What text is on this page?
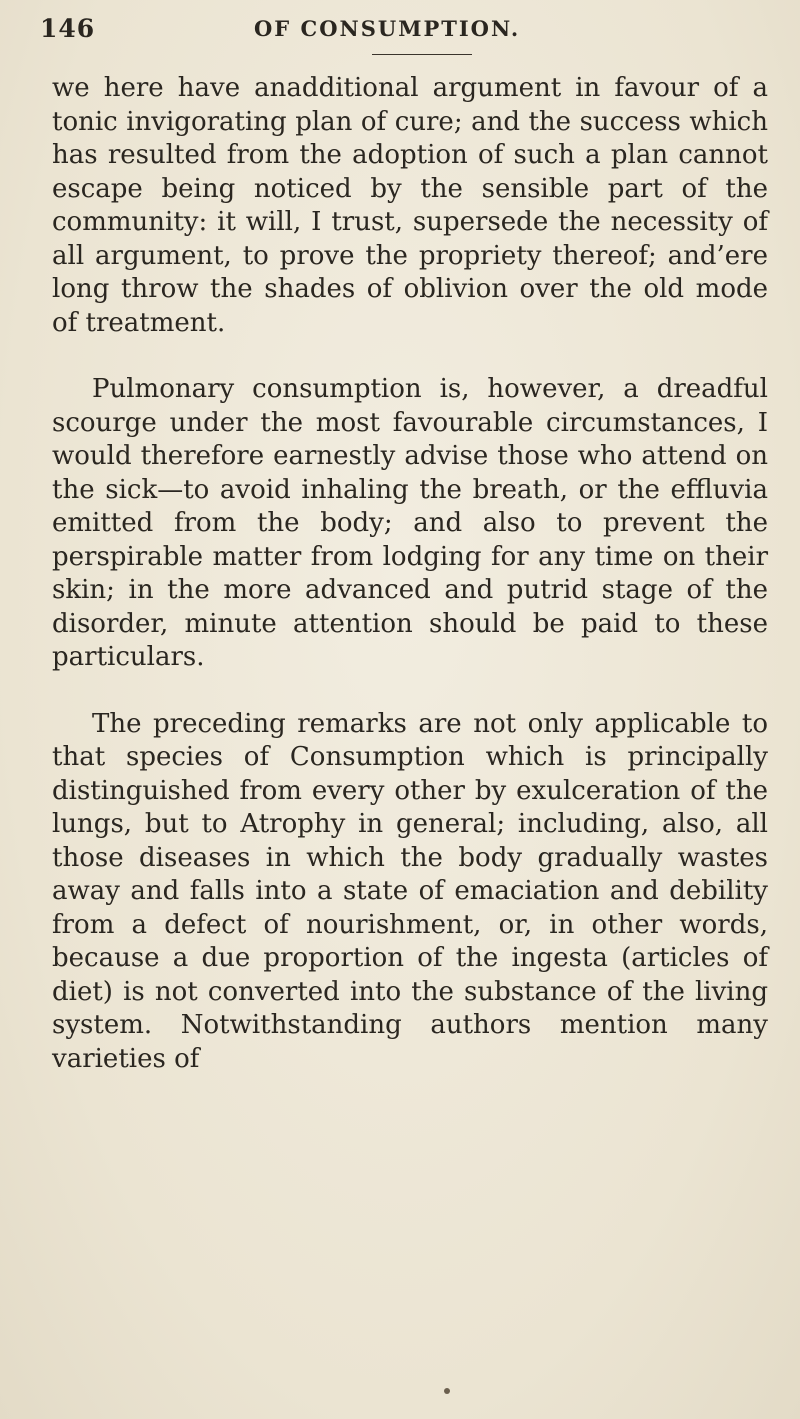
146	OF CONSUMPTION.

we here have anadditional argument in favour of a tonic invigorating plan of cure; and the success which has resulted from the adoption of such a plan cannot escape being noticed by the sensible part of the community: it will, I trust, supersede the necessity of all argument, to prove the propriety thereof; and’ere long throw the shades of oblivion over the old mode of treatment.

Pulmonary consumption is, however, a dreadful scourge under the most favourable circumstances, I would therefore earnestly advise those who attend on the sick—to avoid inhaling the breath, or the effluvia emitted from the body; and also to prevent the perspirable matter from lodging for any time on their skin; in the more advanced and putrid stage of the disorder, minute attention should be paid to these particulars.

The preceding remarks are not only applicable to that species of Consumption which is principally distinguished from every other by exulceration of the lungs, but to Atrophy in general; including, also, all those diseases in which the body gradually wastes away and falls into a state of emaciation and debility from a defect of nourishment, or, in other words, because a due proportion of the ingesta (articles of diet) is not converted into the substance of the living system. Notwithstanding authors mention many varieties of
